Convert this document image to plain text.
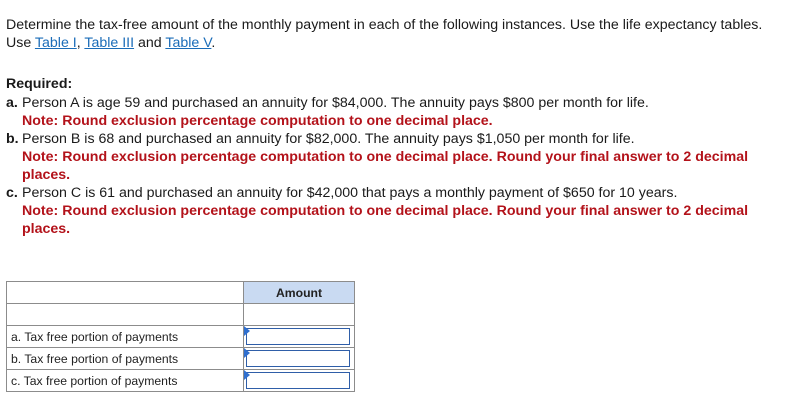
Determine the tax-free amount of the monthly payment in each of the following instances. Use the life expectancy tables. Use Table I, Table III and Table V.
Required:
a. Person A is age 59 and purchased an annuity for $84,000. The annuity pays $800 per month for life.
Note: Round exclusion percentage computation to one decimal place.
b. Person B is 68 and purchased an annuity for $82,000. The annuity pays $1,050 per month for life.
Note: Round exclusion percentage computation to one decimal place. Round your final answer to 2 decimal places.
c. Person C is 61 and purchased an annuity for $42,000 that pays a monthly payment of $650 for 10 years.
Note: Round exclusion percentage computation to one decimal place. Round your final answer to 2 decimal places.
	Amount

a. Tax free portion of payments	

b. Tax free portion of payments	

c. Tax free portion of payments	
